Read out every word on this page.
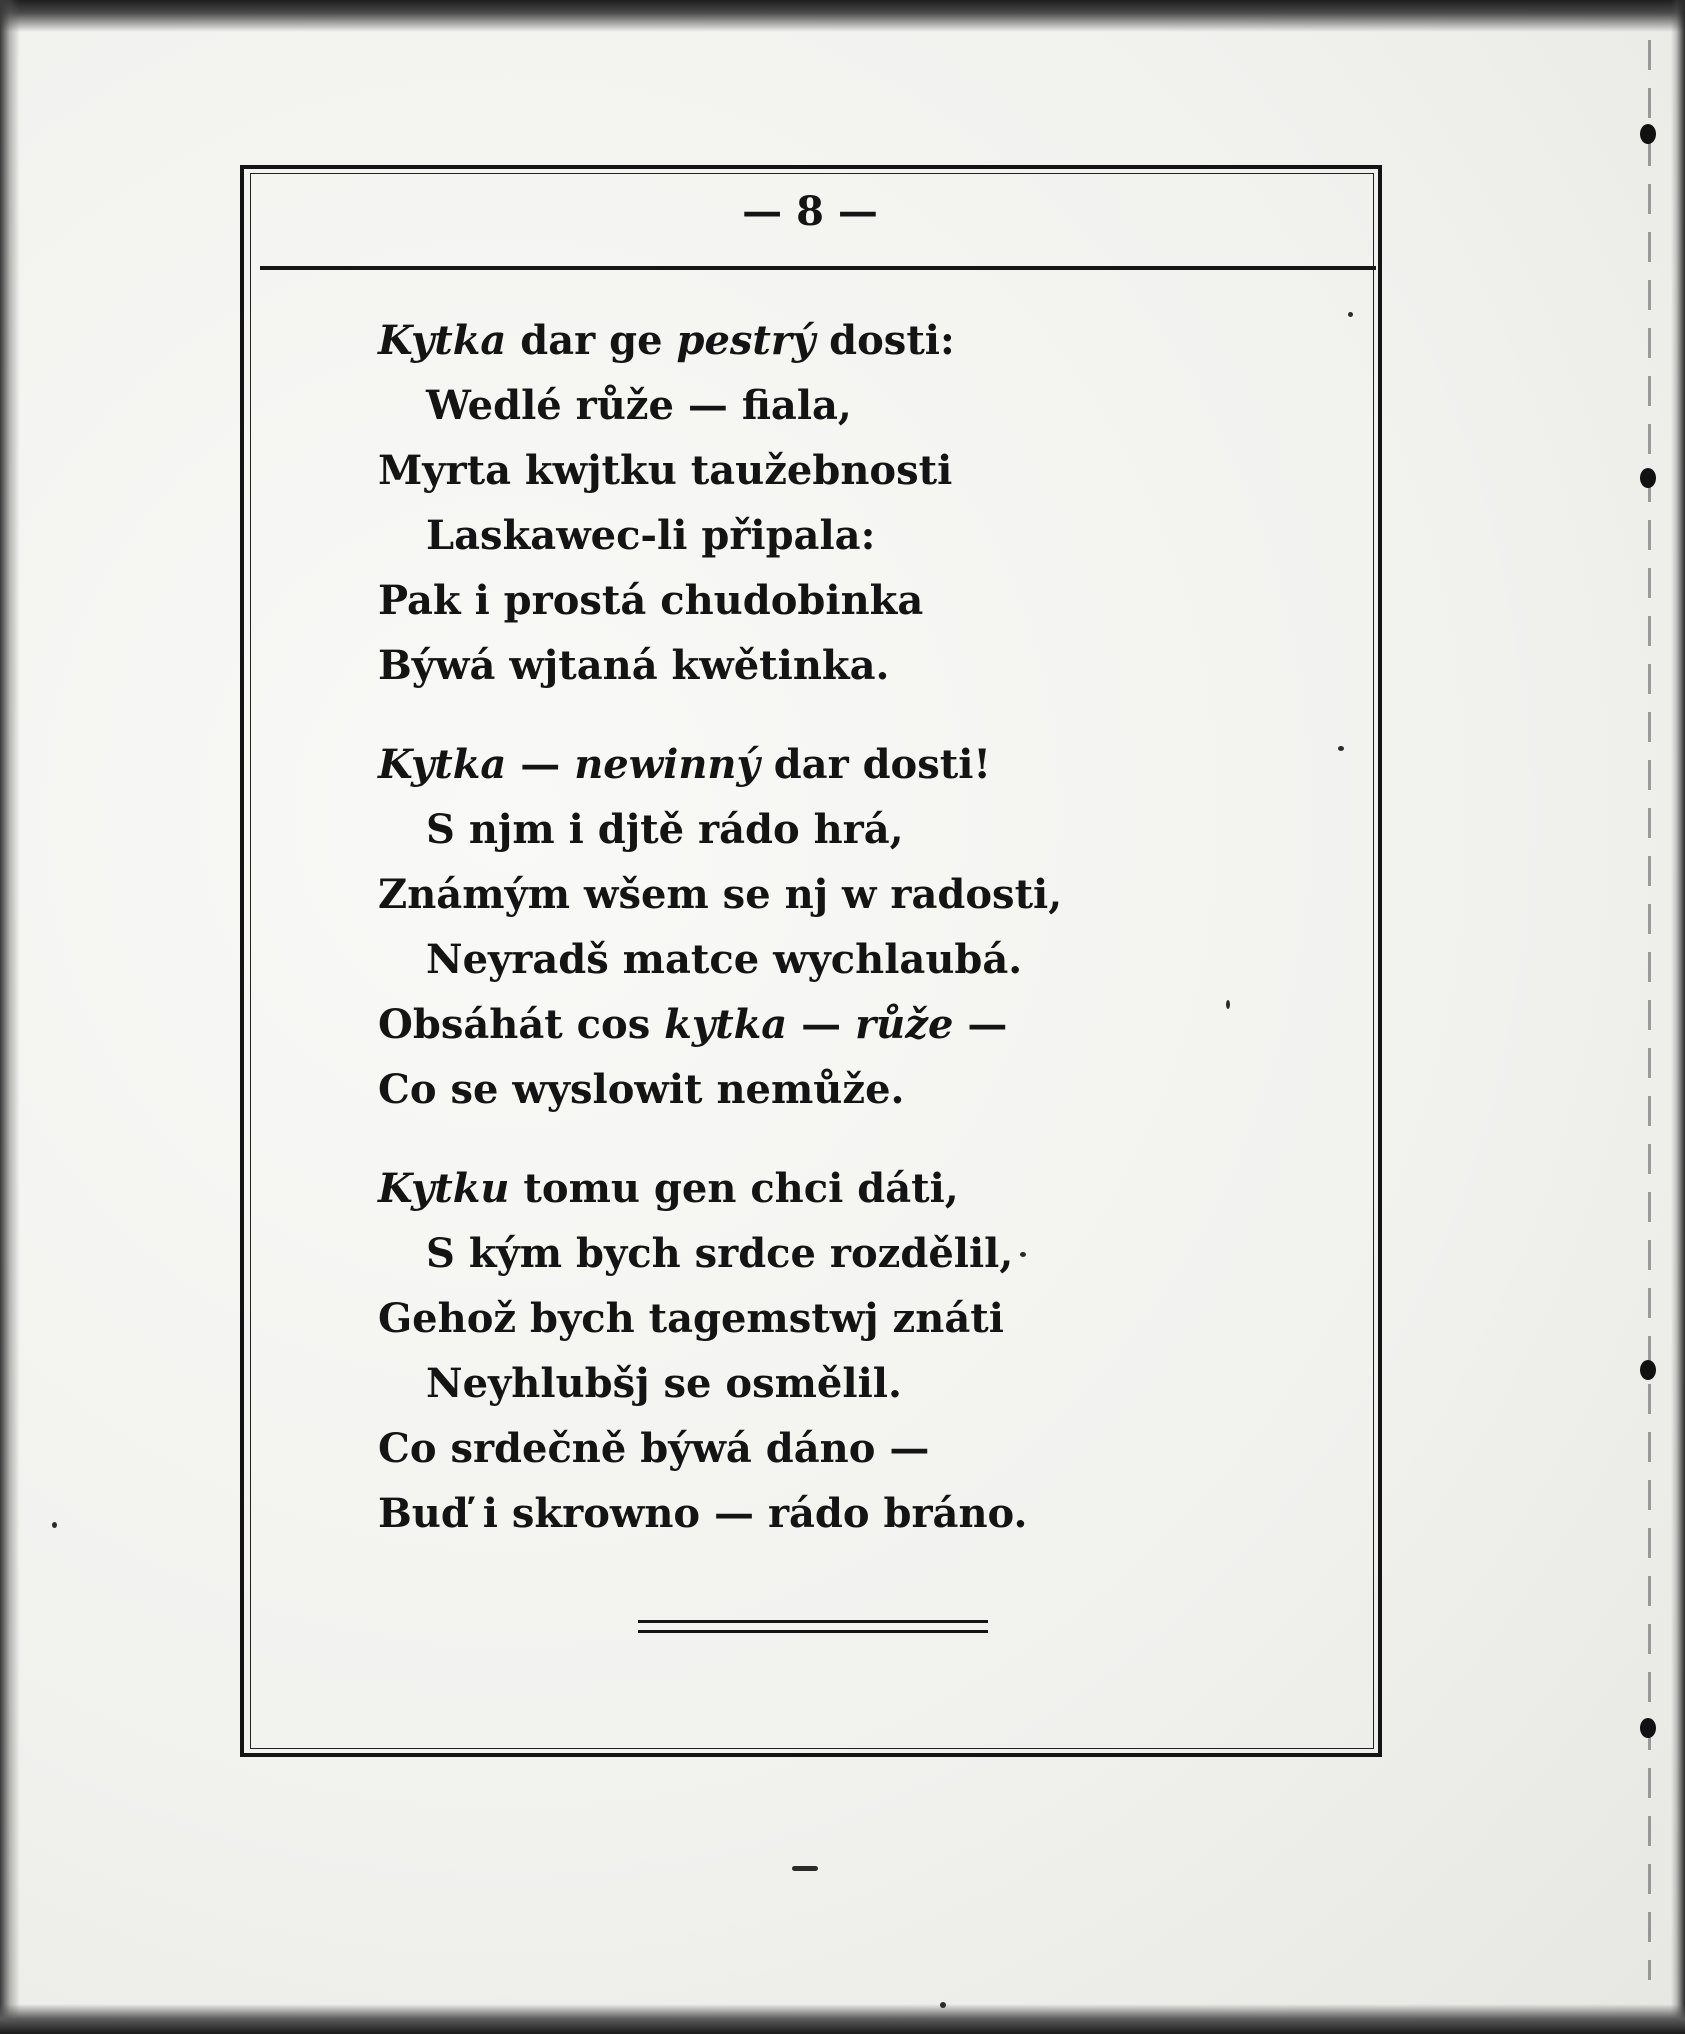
— 8 —
Kytka dar ge pestrý dosti:
Wedlé růže — fiala,
Myrta kwjtku taužebnosti
Laskawec-li připala:
Pak i prostá chudobinka
Býwá wjtaná kwětinka.
Kytka — newinný dar dosti!
S njm i djtě rádo hrá,
Známým wšem se nj w radosti,
Neyradš matce wychlaubá.
Obsáhát cos kytka — růže —
Co se wyslowit nemůže.
Kytku tomu gen chci dáti,
S kým bych srdce rozdělil,
Gehož bych tagemstwj znáti
Neyhlubšj se osmělil.
Co srdečně býwá dáno —
Buď i skrowno — rádo bráno.
